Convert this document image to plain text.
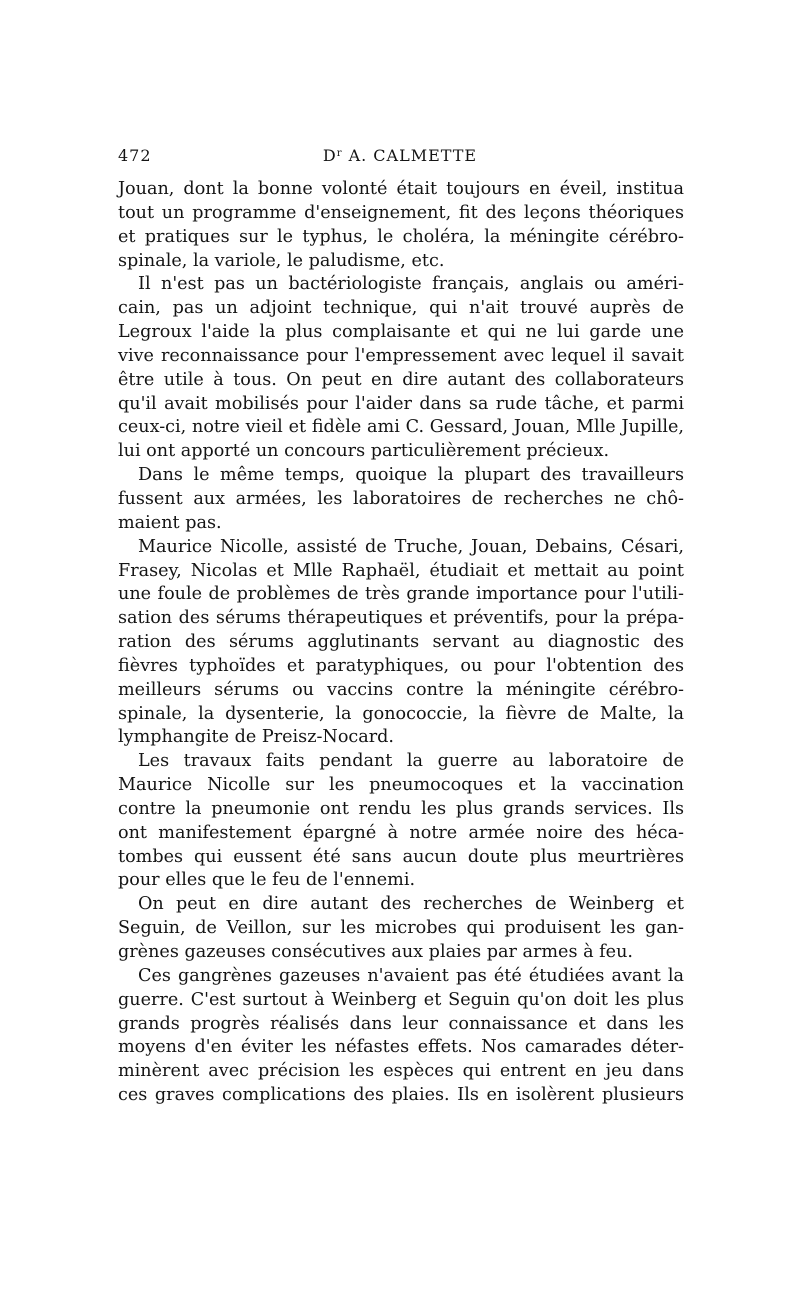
472	$D^r$ A. CALMETTE
Jouan, dont la bonne volonté était toujours en éveil, institua
tout un programme d'enseignement, fit des leçons théoriques
et pratiques sur le typhus, le choléra, la méningite cérébro-
spinale, la variole, le paludisme, etc.
Il n'est pas un bactériologiste français, anglais ou améri-
cain, pas un adjoint technique, qui n'ait trouvé auprès de
Legroux l'aide la plus complaisante et qui ne lui garde une
vive reconnaissance pour l'empressement avec lequel il savait
être utile à tous. On peut en dire autant des collaborateurs
qu'il avait mobilisés pour l'aider dans sa rude tâche, et parmi
ceux-ci, notre vieil et fidèle ami C. Gessard, Jouan, Mlle Jupille,
lui ont apporté un concours particulièrement précieux.
Dans le même temps, quoique la plupart des travailleurs
fussent aux armées, les laboratoires de recherches ne chô-
maient pas.
Maurice Nicolle, assisté de Truche, Jouan, Debains, Césari,
Frasey, Nicolas et Mlle Raphaël, étudiait et mettait au point
une foule de problèmes de très grande importance pour l'utili-
sation des sérums thérapeutiques et préventifs, pour la prépa-
ration des sérums agglutinants servant au diagnostic des
fièvres typhoïdes et paratyphiques, ou pour l'obtention des
meilleurs sérums ou vaccins contre la méningite cérébro-
spinale, la dysenterie, la gonococcie, la fièvre de Malte, la
lymphangite de Preisz-Nocard.
Les travaux faits pendant la guerre au laboratoire de
Maurice Nicolle sur les pneumocoques et la vaccination
contre la pneumonie ont rendu les plus grands services. Ils
ont manifestement épargné à notre armée noire des héca-
tombes qui eussent été sans aucun doute plus meurtrières
pour elles que le feu de l'ennemi.
On peut en dire autant des recherches de Weinberg et
Seguin, de Veillon, sur les microbes qui produisent les gan-
grènes gazeuses consécutives aux plaies par armes à feu.
Ces gangrènes gazeuses n'avaient pas été étudiées avant la
guerre. C'est surtout à Weinberg et Seguin qu'on doit les plus
grands progrès réalisés dans leur connaissance et dans les
moyens d'en éviter les néfastes effets. Nos camarades déter-
minèrent avec précision les espèces qui entrent en jeu dans
ces graves complications des plaies. Ils en isolèrent plusieurs
